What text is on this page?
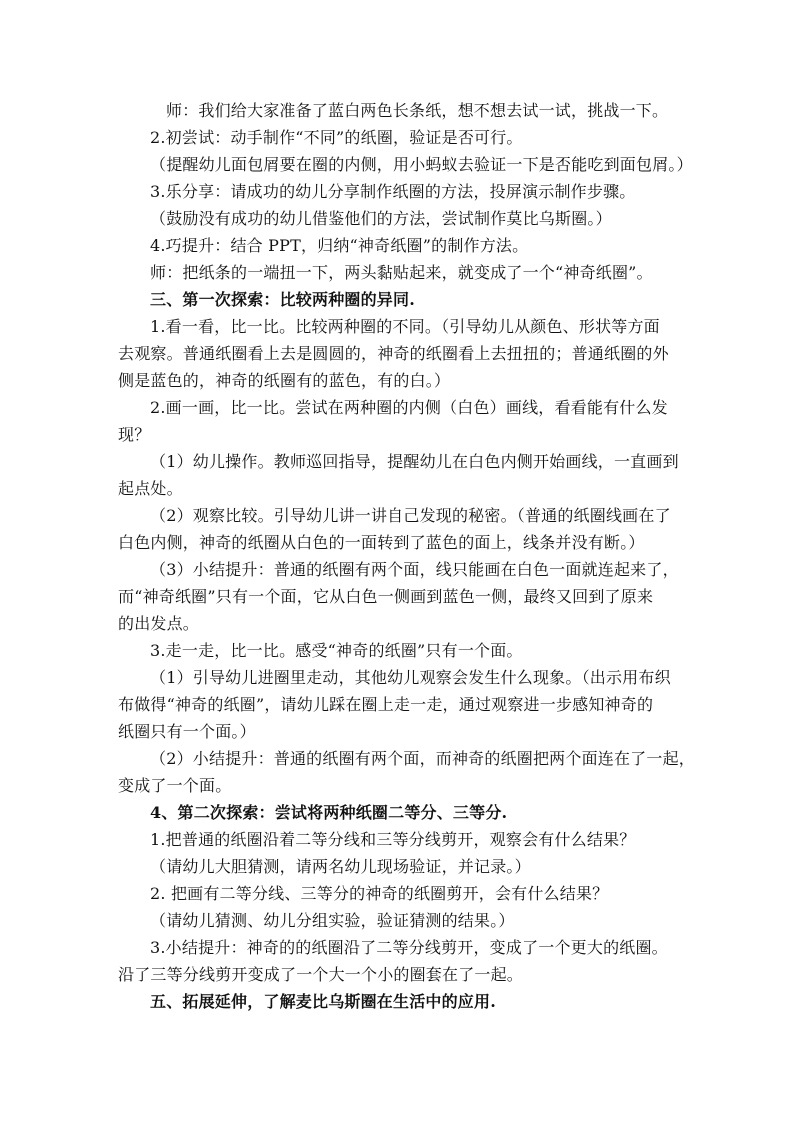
师：我们给大家准备了蓝白两色长条纸，想不想去试一试，挑战一下。
2.初尝试：动手制作“不同”的纸圈，验证是否可行。
（提醒幼儿面包屑要在圈的内侧，用小蚂蚁去验证一下是否能吃到面包屑。）
3.乐分享：请成功的幼儿分享制作纸圈的方法，投屏演示制作步骤。
（鼓励没有成功的幼儿借鉴他们的方法，尝试制作莫比乌斯圈。）
4.巧提升：结合 PPT，归纳“神奇纸圈”的制作方法。
师：把纸条的一端扭一下，两头黏贴起来，就变成了一个“神奇纸圈”。
三、第一次探索：比较两种圈的异同.
1.看一看，比一比。比较两种圈的不同。（引导幼儿从颜色、形状等方面
去观察。普通纸圈看上去是圆圆的，神奇的纸圈看上去扭扭的；普通纸圈的外
侧是蓝色的，神奇的纸圈有的蓝色，有的白。）
2.画一画，比一比。尝试在两种圈的内侧（白色）画线，看看能有什么发
现？
（1）幼儿操作。教师巡回指导，提醒幼儿在白色内侧开始画线，一直画到
起点处。
（2）观察比较。引导幼儿讲一讲自己发现的秘密。（普通的纸圈线画在了
白色内侧，神奇的纸圈从白色的一面转到了蓝色的面上，线条并没有断。）
（3）小结提升：普通的纸圈有两个面，线只能画在白色一面就连起来了，
而“神奇纸圈”只有一个面，它从白色一侧画到蓝色一侧，最终又回到了原来
的出发点。
3.走一走，比一比。感受“神奇的纸圈”只有一个面。
（1）引导幼儿进圈里走动，其他幼儿观察会发生什么现象。（出示用布织
布做得“神奇的纸圈”，请幼儿踩在圈上走一走，通过观察进一步感知神奇的
纸圈只有一个面。）
（2）小结提升：普通的纸圈有两个面，而神奇的纸圈把两个面连在了一起，
变成了一个面。
4、第二次探索：尝试将两种纸圈二等分、三等分.
1.把普通的纸圈沿着二等分线和三等分线剪开，观察会有什么结果？
（请幼儿大胆猜测，请两名幼儿现场验证，并记录。）
2. 把画有二等分线、三等分的神奇的纸圈剪开，会有什么结果？
（请幼儿猜测、幼儿分组实验，验证猜测的结果。）
3.小结提升：神奇的的纸圈沿了二等分线剪开，变成了一个更大的纸圈。
沿了三等分线剪开变成了一个大一个小的圈套在了一起。
五、拓展延伸，了解麦比乌斯圈在生活中的应用.
